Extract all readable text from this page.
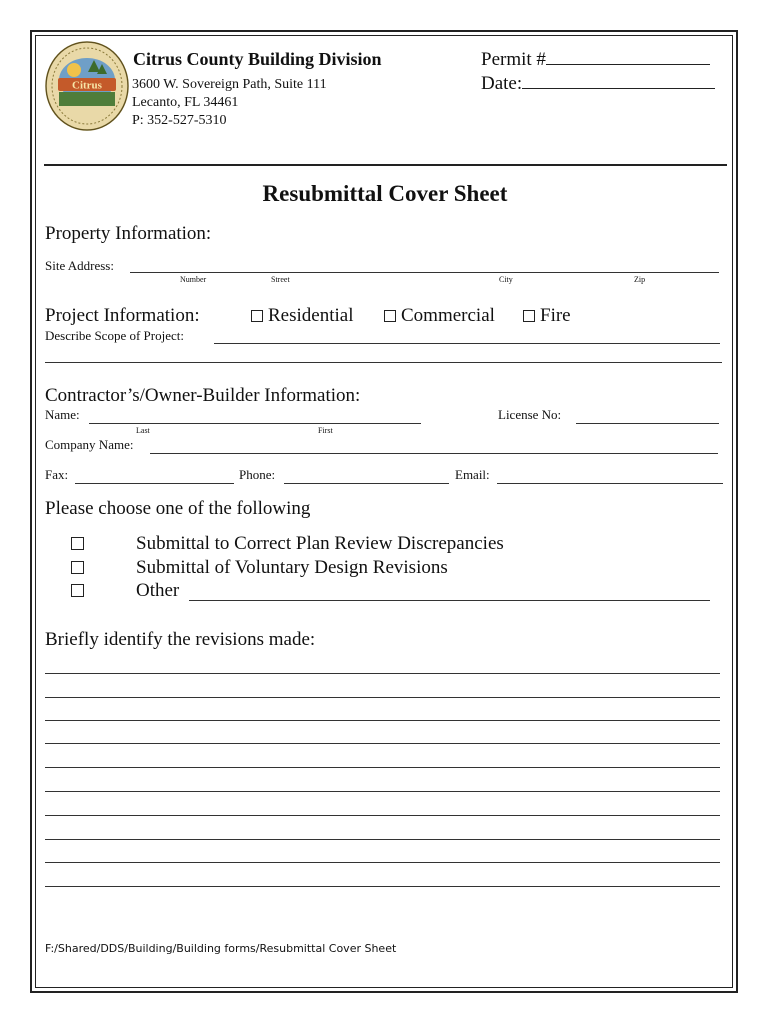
Citrus
Citrus County Building Division
3600 W. Sovereign Path, Suite 111
Lecanto, FL 34461
P: 352-527-5310
Permit #
Date:
Resubmittal Cover Sheet
Property Information:
Site Address:
Number	Street	City	Zip
Project Information:	Residential	Commercial	Fire
Describe Scope of Project:
Contractor’s/Owner-Builder Information:
Name:
Last	First
License No:
Company Name:
Fax:	Phone:	Email:
Please choose one of the following
Submittal to Correct Plan Review Discrepancies
Submittal of Voluntary Design Revisions
Other
Briefly identify the revisions made:
F:/Shared/DDS/Building/Building forms/Resubmittal Cover Sheet
